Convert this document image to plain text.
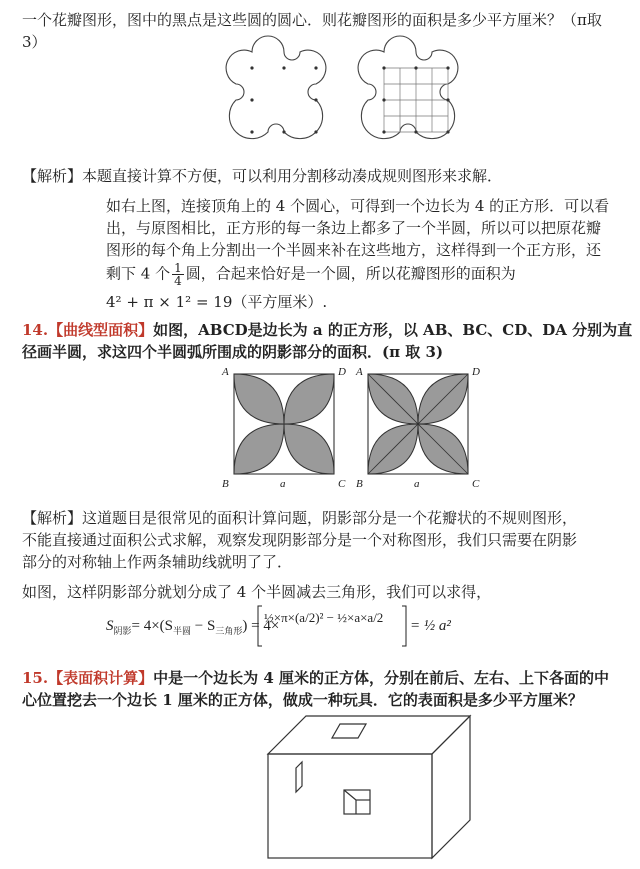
一个花瓣图形，图中的黑点是这些圆的圆心．则花瓣图形的面积是多少平方厘米？（π取
3）
A	D
B	a	C
A	D
B	a	C
【解析】本题直接计算不方便，可以利用分割移动凑成规则图形来求解．
如右上图，连接顶角上的 4 个圆心，可得到一个边长为 4 的正方形．可以看
出，与原图相比，正方形的每一条边上都多了一个半圆，所以可以把原花瓣
图形的每个角上分割出一个半圆来补在这些地方，这样得到一个正方形，还
剩下 4 个 $\frac{1}{4}$ 圆，合起来恰好是一个圆，所以花瓣图形的面积为
4² + π × 1² = 19（平方厘米）.
14.【曲线型面积】如图，ABCD是边长为 a 的正方形，以 AB、BC、CD、DA 分别为直
径画半圆，求这四个半圆弧所围成的阴影部分的面积．(π 取 3)
【解析】这道题目是很常见的面积计算问题，阴影部分是一个花瓣状的不规则图形，
不能直接通过面积公式求解，观察发现阴影部分是一个对称图形，我们只需要在阴影
部分的对称轴上作两条辅助线就明了了．
如图，这样阴影部分就划分成了 4 个半圆减去三角形，我们可以求得，
$S_{阴影}= 4\times(S_{半圆} - S_{三角形}) = 4\times$
½×π×(a/2)² − ½×a×a/2
= ½ a²
15.【表面积计算】中是一个边长为 4 厘米的正方体，分别在前后、左右、上下各面的中
心位置挖去一个边长 1 厘米的正方体，做成一种玩具．它的表面积是多少平方厘米？
